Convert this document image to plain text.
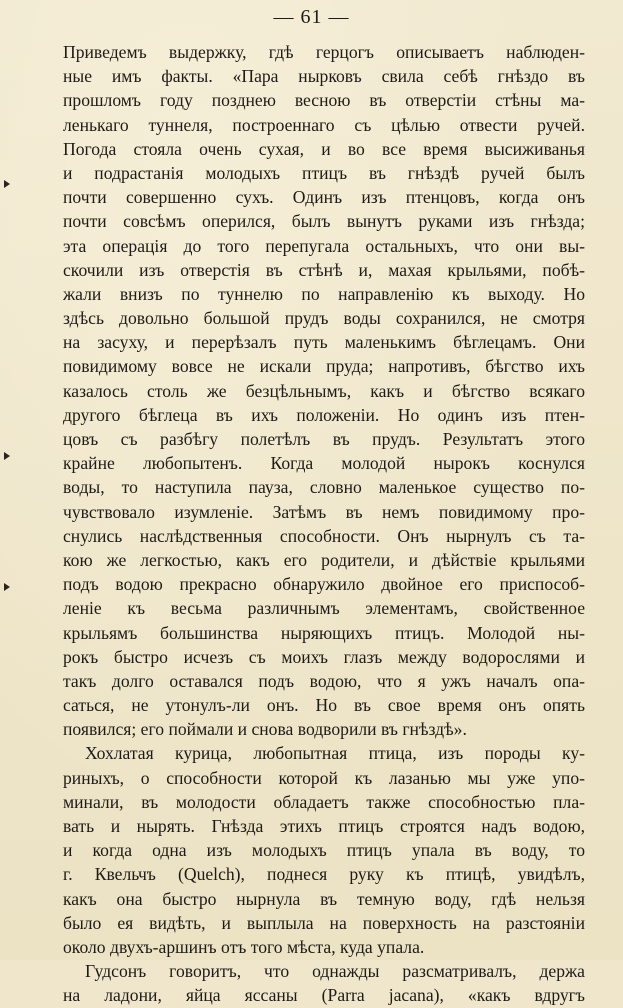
— 61 —
Приведемъ выдержку, гдѣ герцогъ описываетъ наблюден-
ные имъ факты. «Пара нырковъ свила себѣ гнѣздо въ
прошломъ году позднею весною въ отверстіи стѣны ма-
ленькаго туннеля, построеннаго съ цѣлью отвести ручей.
Погода стояла очень сухая, и во все время высиживанья
и подрастанія молодыхъ птицъ въ гнѣздѣ ручей былъ
почти совершенно сухъ. Одинъ изъ птенцовъ, когда онъ
почти совсѣмъ оперился, былъ вынутъ руками изъ гнѣзда;
эта операція до того перепугала остальныхъ, что они вы-
скочили изъ отверстія въ стѣнѣ и, махая крыльями, побѣ-
жали внизъ по туннелю по направленію къ выходу. Но
здѣсь довольно большой прудъ воды сохранился, не смотря
на засуху, и перерѣзалъ путь маленькимъ бѣглецамъ. Они
повидимому вовсе не искали пруда; напротивъ, бѣгство ихъ
казалось столь же безцѣльнымъ, какъ и бѣгство всякаго
другого бѣглеца въ ихъ положеніи. Но одинъ изъ птен-
цовъ съ разбѣгу полетѣлъ въ прудъ. Результатъ этого
крайне любопытенъ. Когда молодой нырокъ коснулся
воды, то наступила пауза, словно маленькое существо по-
чувствовало изумленіе. Затѣмъ въ немъ повидимому про-
снулись наслѣдственныя способности. Онъ нырнулъ съ та-
кою же легкостью, какъ его родители, и дѣйствіе крыльями
подъ водою прекрасно обнаружило двойное его приспособ-
леніе къ весьма различнымъ элементамъ, свойственное
крыльямъ большинства ныряющихъ птицъ. Молодой ны-
рокъ быстро исчезъ съ моихъ глазъ между водорослями и
такъ долго оставался подъ водою, что я ужъ началъ опа-
саться, не утонулъ-ли онъ. Но въ свое время онъ опять
появился; его поймали и снова водворили въ гнѣздѣ».
Хохлатая курица, любопытная птица, изъ породы ку-
риныхъ, о способности которой къ лазанью мы уже упо-
минали, въ молодости обладаетъ также способностью пла-
вать и нырять. Гнѣзда этихъ птицъ строятся надъ водою,
и когда одна изъ молодыхъ птицъ упала въ воду, то
г. Квельчъ (Quelch), поднеся руку къ птицѣ, увидѣлъ,
какъ она быстро нырнула въ темную воду, гдѣ нельзя
было ея видѣть, и выплыла на поверхность на разстояніи
около двухъ-аршинъ отъ того мѣста, куда упала.
Гудсонъ говоритъ, что однажды разсматривалъ, держа
на ладони, яйца яссаны (Parra jacana), «какъ вдругъ
